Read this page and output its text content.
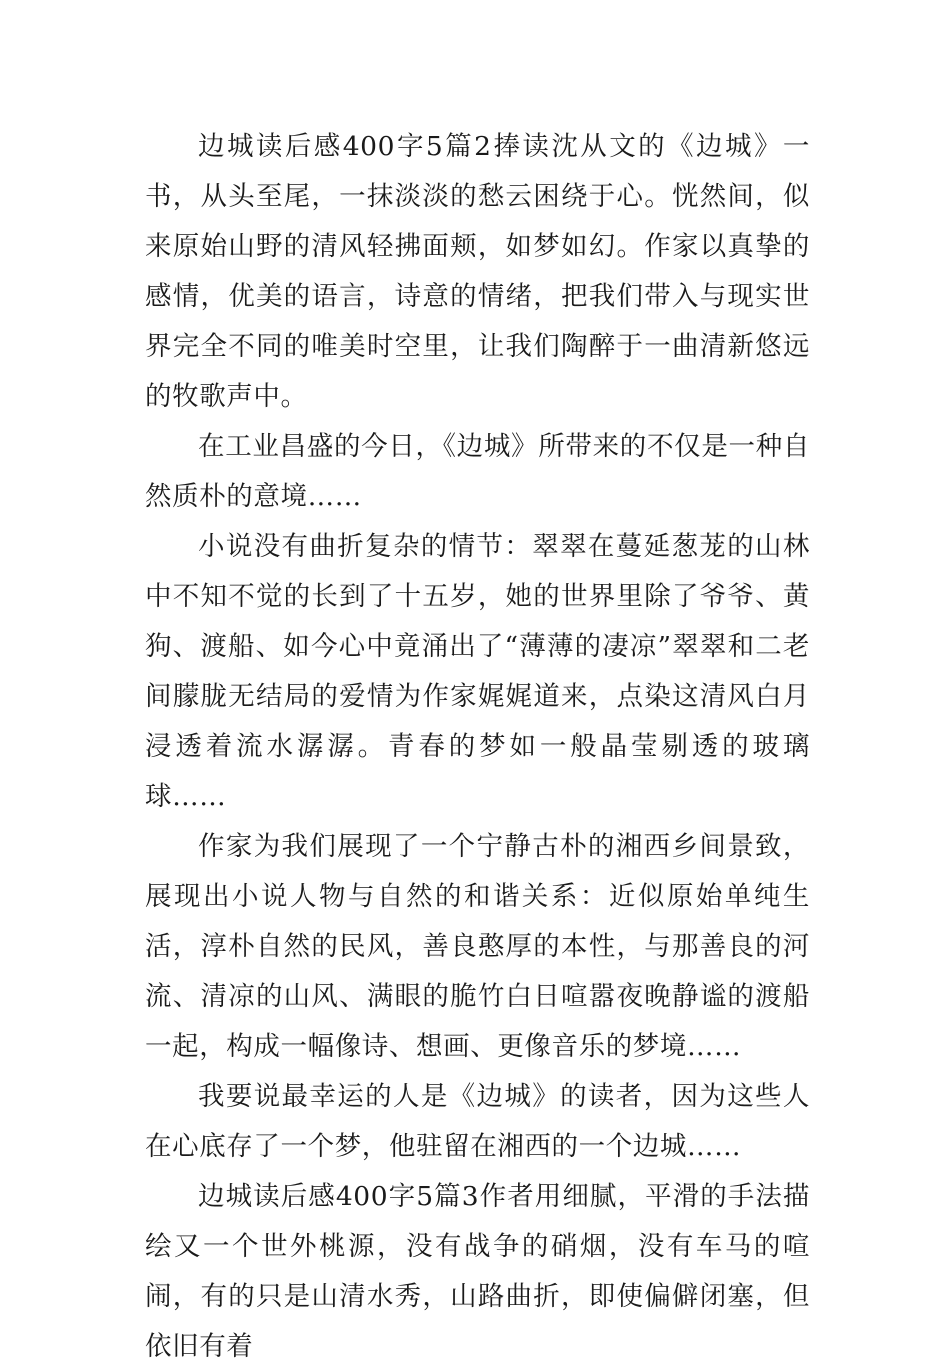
边城读后感400字5篇2捧读沈从文的《边城》一书，从头至尾，一抹淡淡的愁云困绕于心。恍然间，似来原始山野的清风轻拂面颊，如梦如幻。作家以真挚的感情，优美的语言，诗意的情绪，把我们带入与现实世界完全不同的唯美时空里，让我们陶醉于一曲清新悠远的牧歌声中。

在工业昌盛的今日，《边城》所带来的不仅是一种自然质朴的意境……

小说没有曲折复杂的情节：翠翠在蔓延葱茏的山林中不知不觉的长到了十五岁，她的世界里除了爷爷、黄狗、渡船、如今心中竟涌出了“薄薄的凄凉”翠翠和二老间朦胧无结局的爱情为作家娓娓道来，点染这清风白月浸透着流水潺潺。青春的梦如一般晶莹剔透的玻璃球……

作家为我们展现了一个宁静古朴的湘西乡间景致，展现出小说人物与自然的和谐关系：近似原始单纯生活，淳朴自然的民风，善良憨厚的本性，与那善良的河流、清凉的山风、满眼的脆竹白日喧嚣夜晚静谧的渡船一起，构成一幅像诗、想画、更像音乐的梦境……

我要说最幸运的人是《边城》的读者，因为这些人在心底存了一个梦，他驻留在湘西的一个边城……

边城读后感400字5篇3作者用细腻，平滑的手法描绘又一个世外桃源，没有战争的硝烟，没有车马的喧闹，有的只是山清水秀，山路曲折，即使偏僻闭塞，但依旧有着
